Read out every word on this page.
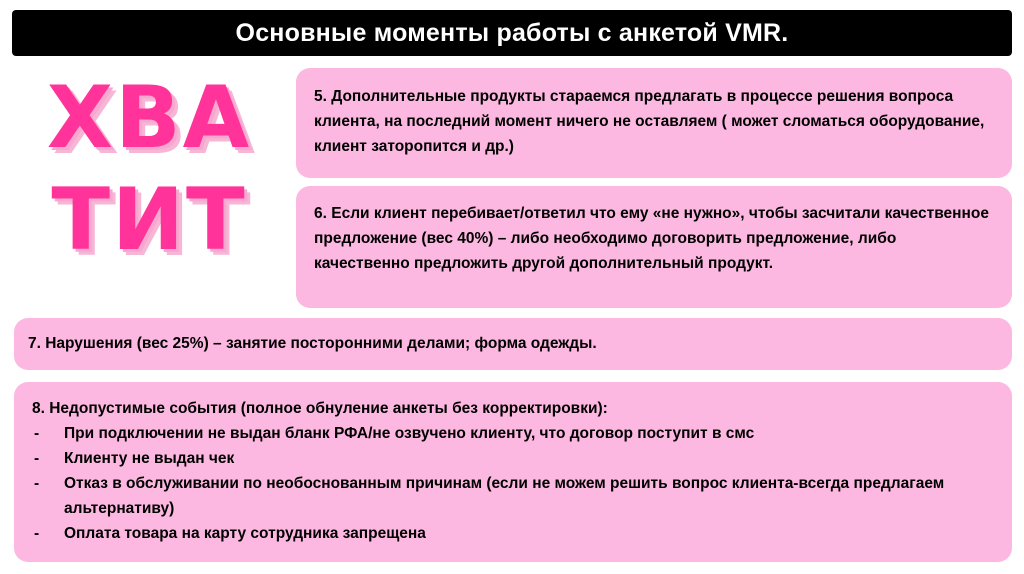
Основные моменты работы с анкетой VMR.
ХВА
ТИТ

5. Дополнительные продукты стараемся предлагать в процессе решения вопроса клиента, на последний момент ничего не оставляем ( может сломаться оборудование, клиент заторопится и др.)

6. Если клиент перебивает/ответил что ему «не нужно», чтобы засчитали качественное предложение (вес 40%) – либо необходимо договорить предложение, либо качественно предложить другой дополнительный продукт.

7. Нарушения (вес 25%) – занятие посторонними делами; форма одежды.

8. Недопустимые события (полное обнуление анкеты без корректировки):

-	При подключении не выдан бланк РФА/не озвучено клиенту, что договор поступит в смс
-	Клиенту не выдан чек
-	Отказ в обслуживании по необоснованным причинам (если не можем решить вопрос клиента-всегда предлагаем альтернативу)
-	Оплата товара на карту сотрудника запрещена
